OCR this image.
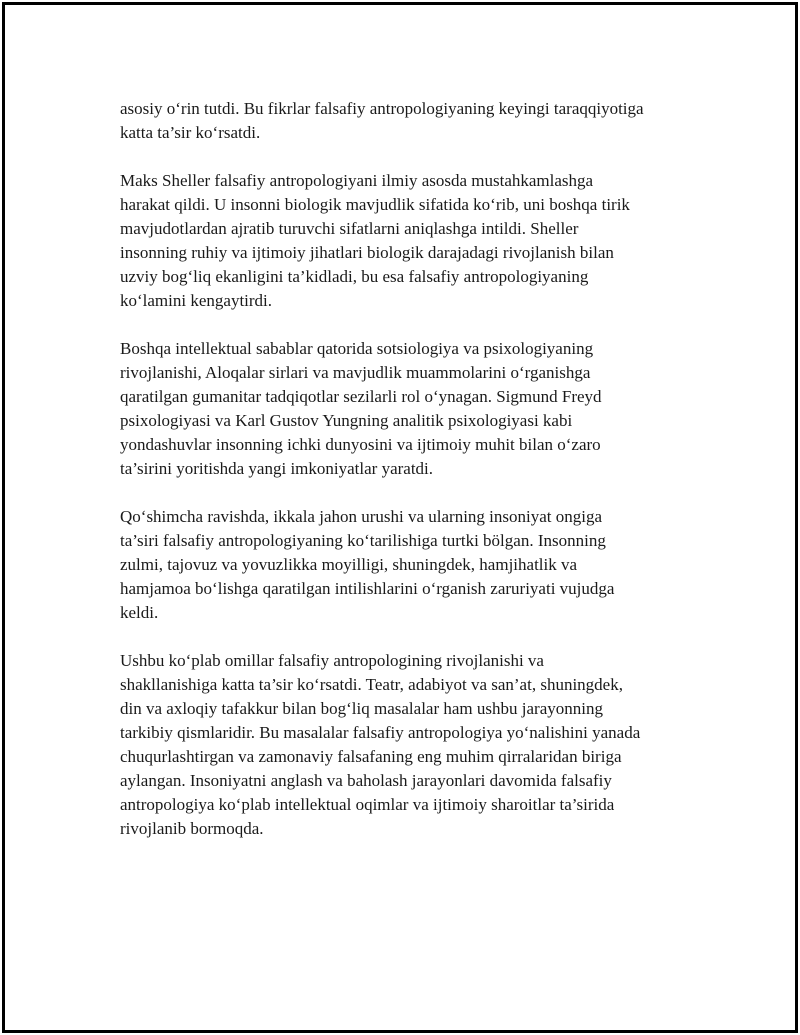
asosiy o‘rin tutdi. Bu fikrlar falsafiy antropologiyaning keyingi taraqqiyotiga
katta ta’sir ko‘rsatdi.

Maks Sheller falsafiy antropologiyani ilmiy asosda mustahkamlashga
harakat qildi. U insonni biologik mavjudlik sifatida ko‘rib, uni boshqa tirik
mavjudotlardan ajratib turuvchi sifatlarni aniqlashga intildi. Sheller
insonning ruhiy va ijtimoiy jihatlari biologik darajadagi rivojlanish bilan
uzviy bog‘liq ekanligini ta’kidladi, bu esa falsafiy antropologiyaning
ko‘lamini kengaytirdi.

Boshqa intellektual sabablar qatorida sotsiologiya va psixologiyaning
rivojlanishi, Aloqalar sirlari va mavjudlik muammolarini o‘rganishga
qaratilgan gumanitar tadqiqotlar sezilarli rol o‘ynagan. Sigmund Freyd
psixologiyasi va Karl Gustov Yungning analitik psixologiyasi kabi
yondashuvlar insonning ichki dunyosini va ijtimoiy muhit bilan o‘zaro
ta’sirini yoritishda yangi imkoniyatlar yaratdi.

Qo‘shimcha ravishda, ikkala jahon urushi va ularning insoniyat ongiga
ta’siri falsafiy antropologiyaning ko‘tarilishiga turtki bölgan. Insonning
zulmi, tajovuz va yovuzlikka moyilligi, shuningdek, hamjihatlik va
hamjamoa bo‘lishga qaratilgan intilishlarini o‘rganish zaruriyati vujudga
keldi.

Ushbu ko‘plab omillar falsafiy antropologining rivojlanishi va
shakllanishiga katta ta’sir ko‘rsatdi. Teatr, adabiyot va san’at, shuningdek,
din va axloqiy tafakkur bilan bog‘liq masalalar ham ushbu jarayonning
tarkibiy qismlaridir. Bu masalalar falsafiy antropologiya yo‘nalishini yanada
chuqurlashtirgan va zamonaviy falsafaning eng muhim qirralaridan biriga
aylangan. Insoniyatni anglash va baholash jarayonlari davomida falsafiy
antropologiya ko‘plab intellektual oqimlar va ijtimoiy sharoitlar ta’sirida
rivojlanib bormoqda.
